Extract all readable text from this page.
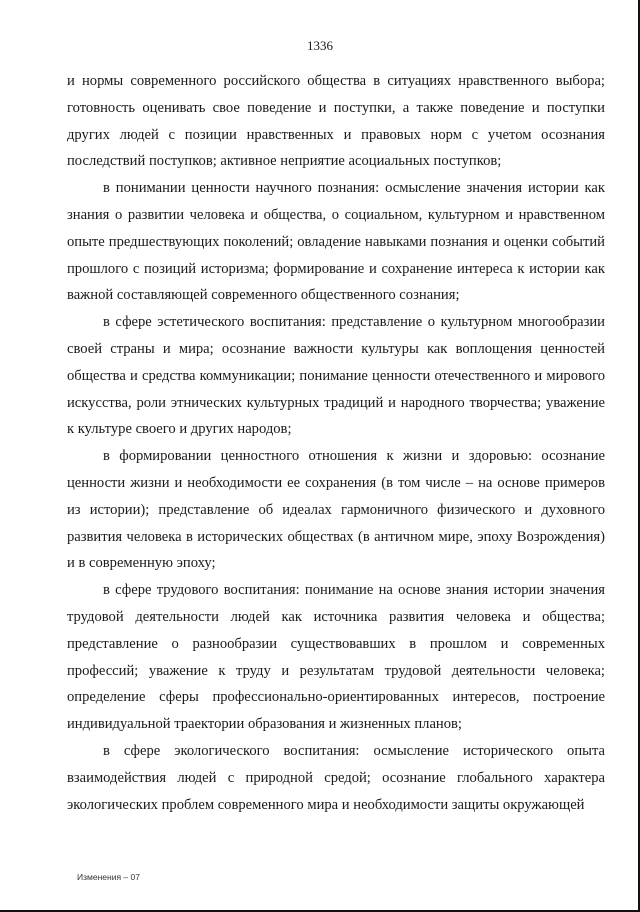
1336

и нормы современного российского общества в ситуациях нравственного выбора; готовность оценивать свое поведение и поступки, а также поведение и поступки других людей с позиции нравственных и правовых норм с учетом осознания последствий поступков; активное неприятие асоциальных поступков;

в понимании ценности научного познания: осмысление значения истории как знания о развитии человека и общества, о социальном, культурном и нравственном опыте предшествующих поколений; овладение навыками познания и оценки событий прошлого с позиций историзма; формирование и сохранение интереса к истории как важной составляющей современного общественного сознания;

в сфере эстетического воспитания: представление о культурном многообразии своей страны и мира; осознание важности культуры как воплощения ценностей общества и средства коммуникации; понимание ценности отечественного и мирового искусства, роли этнических культурных традиций и народного творчества; уважение к культуре своего и других народов;

в формировании ценностного отношения к жизни и здоровью: осознание ценности жизни и необходимости ее сохранения (в том числе – на основе примеров из истории); представление об идеалах гармоничного физического и духовного развития человека в исторических обществах (в античном мире, эпоху Возрождения) и в современную эпоху;

в сфере трудового воспитания: понимание на основе знания истории значения трудовой деятельности людей как источника развития человека и общества; представление о разнообразии существовавших в прошлом и современных профессий; уважение к труду и результатам трудовой деятельности человека; определение сферы профессионально-ориентированных интересов, построение индивидуальной траектории образования и жизненных планов;

в сфере экологического воспитания: осмысление исторического опыта взаимодействия людей с природной средой; осознание глобального характера экологических проблем современного мира и необходимости защиты окружающей

Изменения – 07
